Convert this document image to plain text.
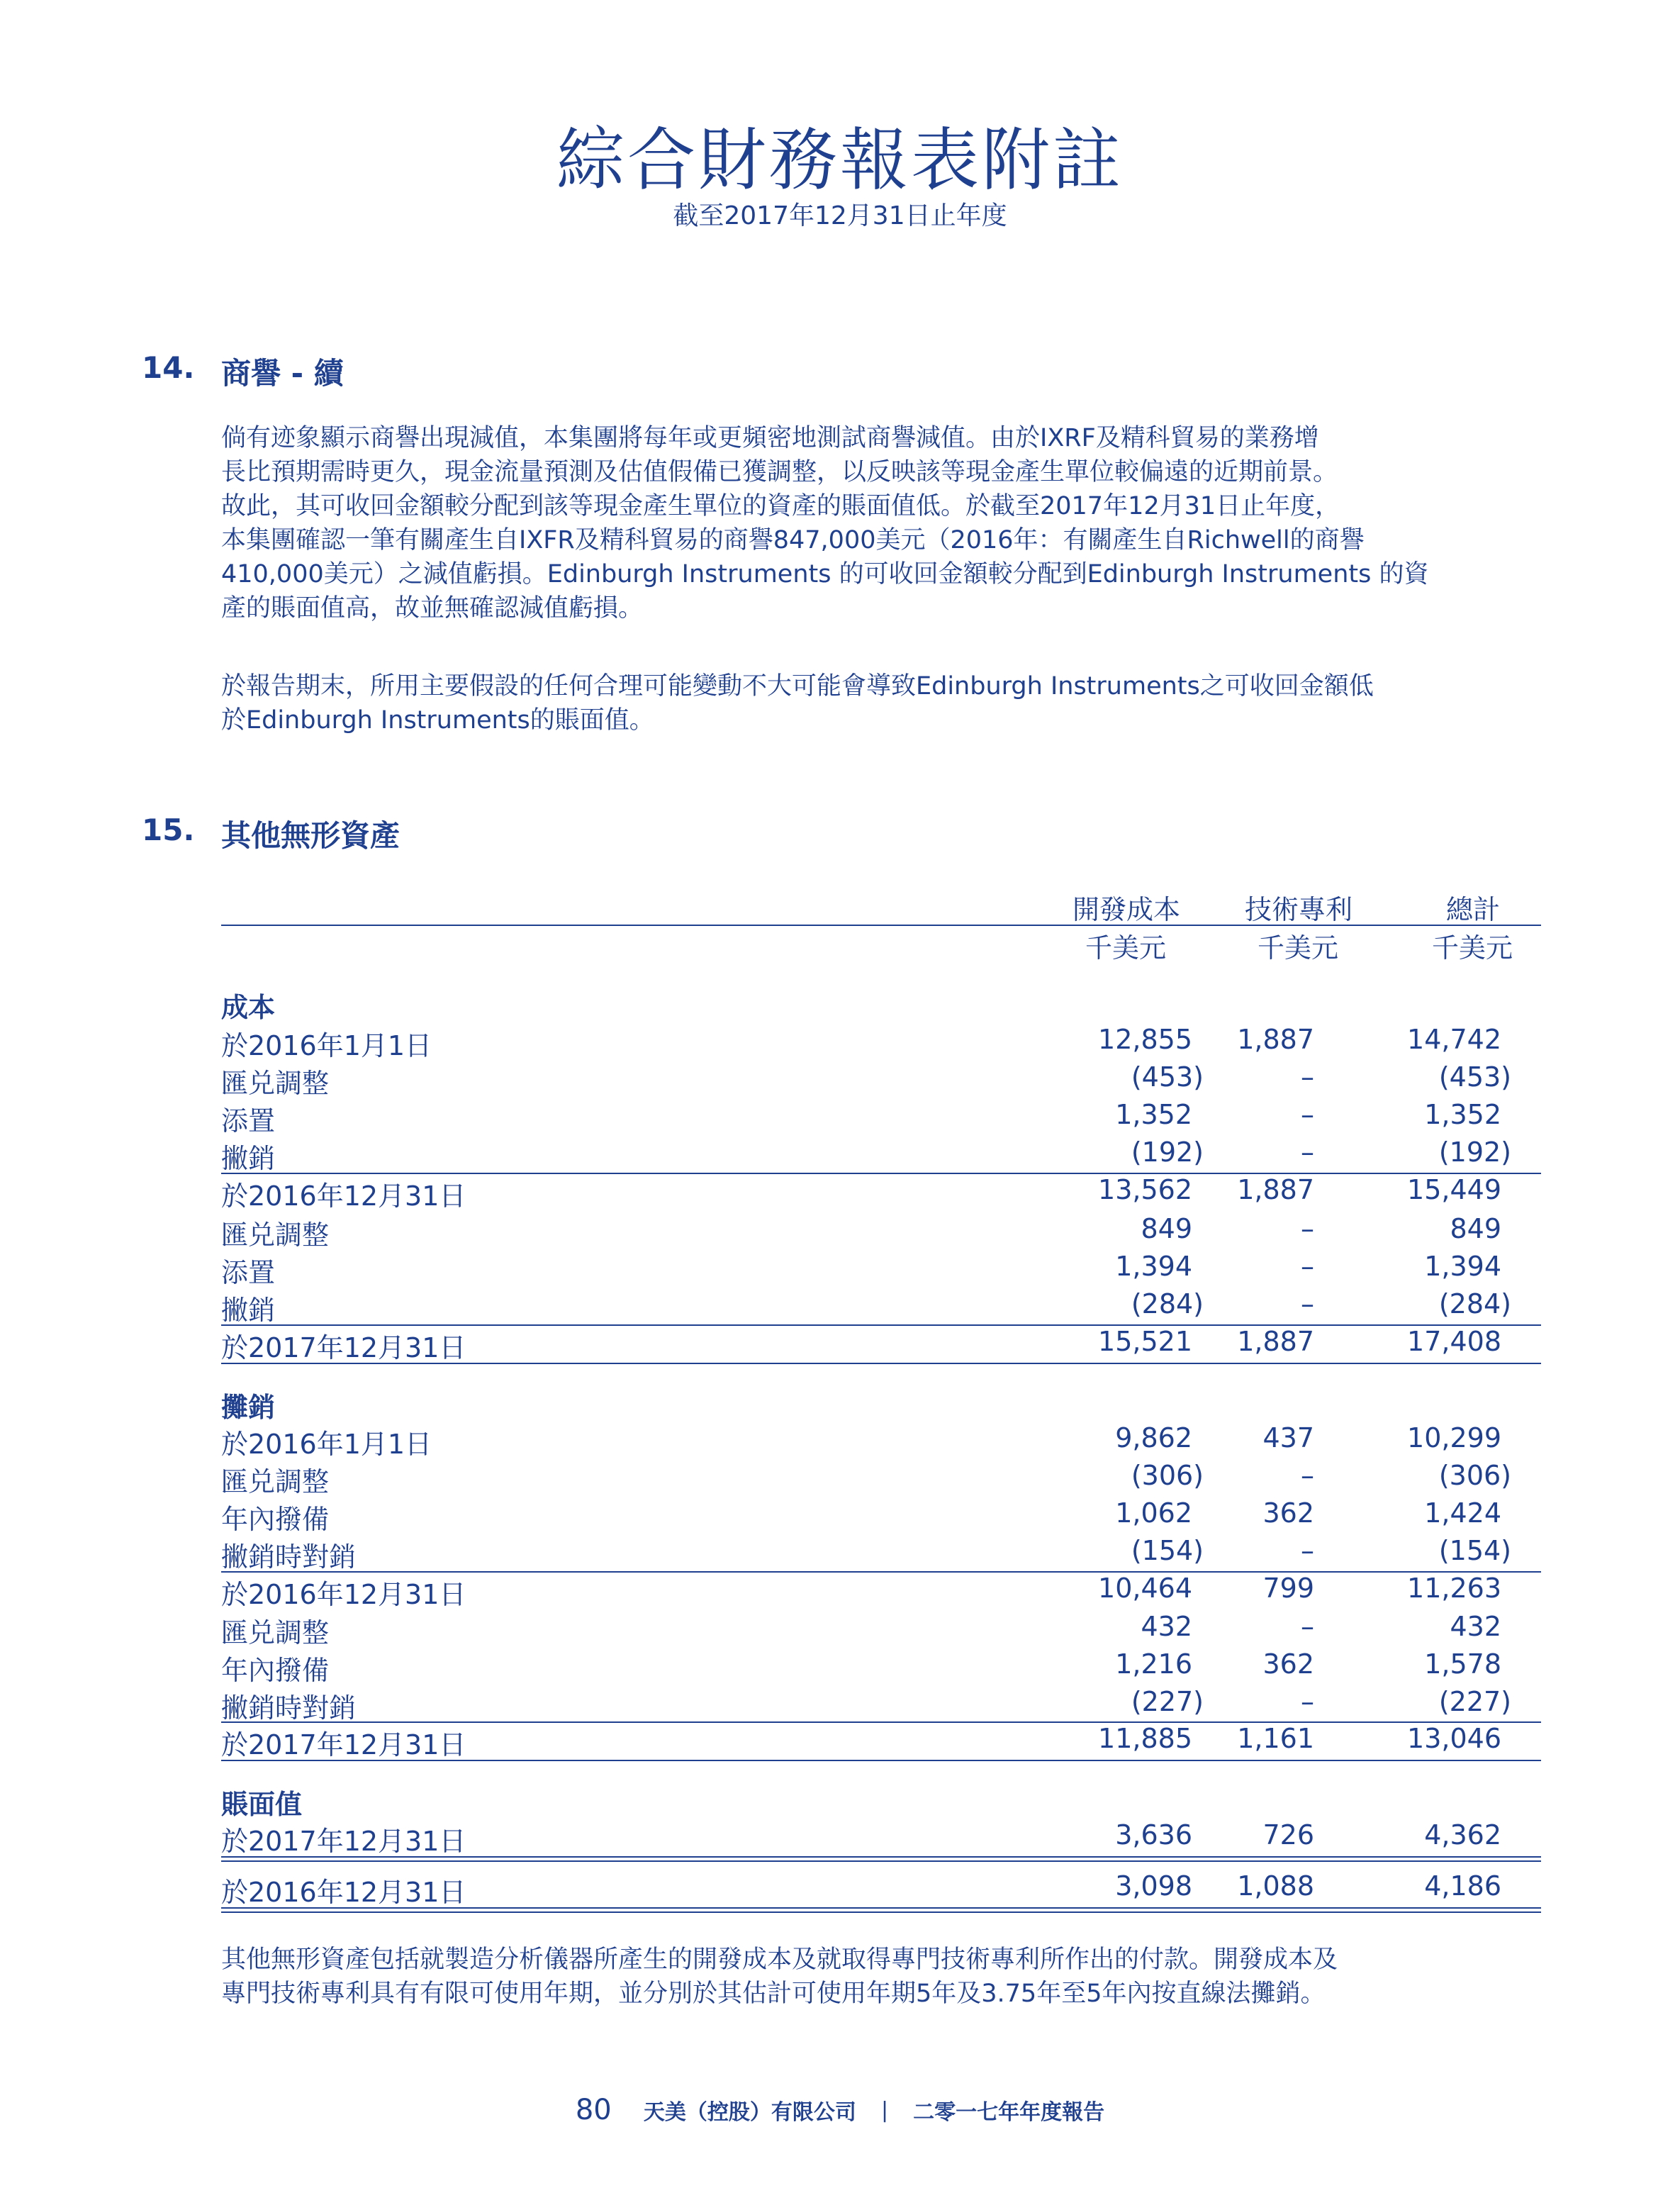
綜合財務報表附註
截至2017年12月31日止年度
14. 商譽 - 續
倘有迹象顯示商譽出現減值，本集團將每年或更頻密地測試商譽減值。由於IXRF及精科貿易的業務增
長比預期需時更久，現金流量預測及估值假備已獲調整，以反映該等現金產生單位較偏遠的近期前景。
故此，其可收回金額較分配到該等現金產生單位的資產的賬面值低。於截至2017年12月31日止年度，
本集團確認一筆有關產生自IXFR及精科貿易的商譽847,000美元（2016年：有關產生自Richwell的商譽
410,000美元）之減值虧損。Edinburgh Instruments 的可收回金額較分配到Edinburgh Instruments 的資
產的賬面值高，故並無確認減值虧損。
於報告期末，所用主要假設的任何合理可能變動不大可能會導致Edinburgh Instruments之可收回金額低
於Edinburgh Instruments的賬面值。
15. 其他無形資產
開發成本 技術專利	總計
千美元	千美元	千美元
成本
於2016年1月1日	12,855 1,887	14,742
匯兑調整	(453)	–	(453)
添置	1,352	–	1,352
撇銷	(192)	–	(192)
於2016年12月31日	13,562 1,887	15,449
匯兑調整	849	–	849
添置	1,394	–	1,394
撇銷	(284)	–	(284)
於2017年12月31日	15,521 1,887	17,408
攤銷
於2016年1月1日	9,862	437	10,299
匯兑調整	(306)	–	(306)
年內撥備	1,062	362	1,424
撇銷時對銷	(154)	–	(154)
於2016年12月31日	10,464	799	11,263
匯兑調整	432	–	432
年內撥備	1,216	362	1,578
撇銷時對銷	(227)	–	(227)
於2017年12月31日	11,885 1,161	13,046
賬面值
於2017年12月31日	3,636	726	4,362
於2016年12月31日	3,098 1,088	4,186
其他無形資產包括就製造分析儀器所產生的開發成本及就取得專門技術專利所作出的付款。開發成本及
專門技術專利具有有限可使用年期，並分別於其估計可使用年期5年及3.75年至5年內按直線法攤銷。
80 天美（控股）有限公司 | 二零一七年年度報告
